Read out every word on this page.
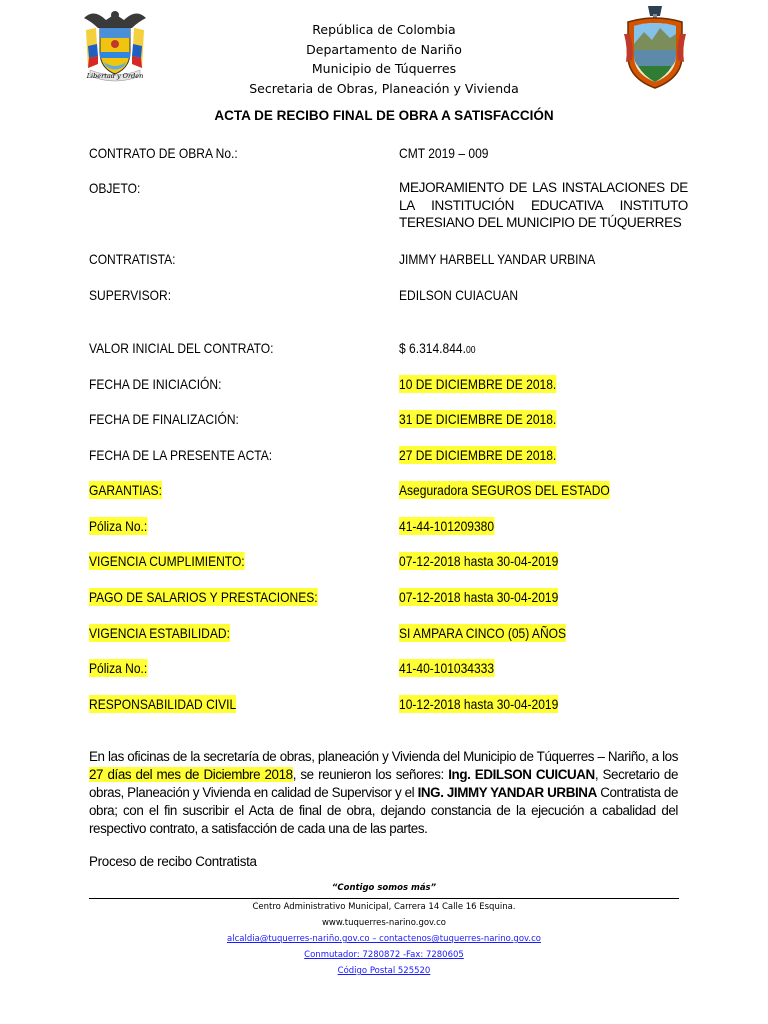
Libertad y Orden
República de Colombia
Departamento de Nariño
Municipio de Túquerres
Secretaria de Obras, Planeación y Vivienda
ACTA DE RECIBO FINAL DE OBRA A SATISFACCIÓN
CONTRATO DE OBRA No.:	CMT 2019 – 009
OBJETO:	MEJORAMIENTO DE LAS INSTALACIONES DE LA INSTITUCIÓN EDUCATIVA INSTITUTO TERESIANO DEL MUNICIPIO DE TÚQUERRES
CONTRATISTA:	JIMMY HARBELL YANDAR URBINA
SUPERVISOR:	EDILSON CUIACUAN
VALOR INICIAL DEL CONTRATO:	$ 6.314.844.00
FECHA DE INICIACIÓN:	10 DE DICIEMBRE DE 2018.
FECHA DE FINALIZACIÓN:	31 DE DICIEMBRE DE 2018.
FECHA DE LA PRESENTE ACTA:	27 DE DICIEMBRE DE 2018.
GARANTIAS:	Aseguradora SEGUROS DEL ESTADO
Póliza No.:	41-44-101209380
VIGENCIA CUMPLIMIENTO:	07-12-2018 hasta 30-04-2019
PAGO DE SALARIOS Y PRESTACIONES:	07-12-2018 hasta 30-04-2019
VIGENCIA ESTABILIDAD:	SI AMPARA CINCO (05) AÑOS
Póliza No.:	41-40-101034333
RESPONSABILIDAD CIVIL	10-12-2018 hasta 30-04-2019
En las oficinas de la secretaría de obras, planeación y Vivienda del Municipio de Túquerres – Nariño, a los 27 días del mes de Diciembre 2018, se reunieron los señores: Ing. EDILSON CUICUAN, Secretario de obras, Planeación y Vivienda en calidad de Supervisor y el ING. JIMMY YANDAR URBINA Contratista de obra; con el fin suscribir el Acta de final de obra, dejando constancia de la ejecución a cabalidad del respectivo contrato, a satisfacción de cada una de las partes.
Proceso de recibo Contratista
“Contigo somos más”
Centro Administrativo Municipal, Carrera 14 Calle 16 Esquina.
www.tuquerres-narino.gov.co
alcaldia@tuquerres-nariño.gov.co – contactenos@tuquerres-narino.gov.co
Conmutador: 7280872 -Fax: 7280605
Código Postal 525520
